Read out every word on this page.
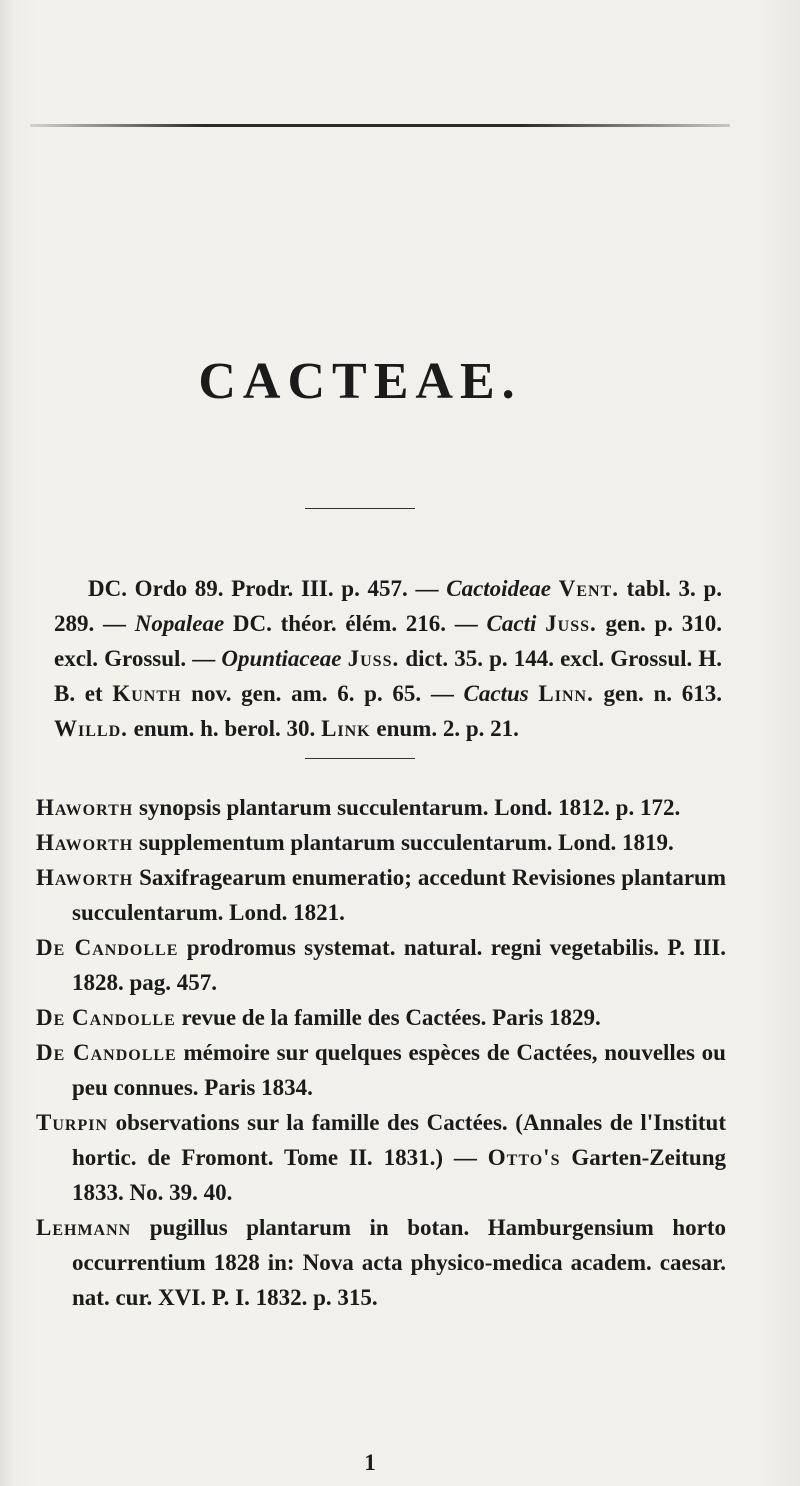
CACTEAE.

DC. Ordo 89. Prodr. III. p. 457. — Cactoideae Vent. tabl. 3. p. 289. — Nopaleae DC. théor. élém. 216. — Cacti Juss. gen. p. 310. excl. Grossul. — Opuntiaceae Juss. dict. 35. p. 144. excl. Grossul. H. B. et Kunth nov. gen. am. 6. p. 65. — Cactus Linn. gen. n. 613. Willd. enum. h. berol. 30. Link enum. 2. p. 21.

Haworth synopsis plantarum succulentarum. Lond. 1812. p. 172.

Haworth supplementum plantarum succulentarum. Lond. 1819.

Haworth Saxifragearum enumeratio; accedunt Revisiones plantarum succulentarum. Lond. 1821.

De Candolle prodromus systemat. natural. regni vegetabilis. P. III. 1828. pag. 457.

De Candolle revue de la famille des Cactées. Paris 1829.

De Candolle mémoire sur quelques espèces de Cactées, nouvelles ou peu connues. Paris 1834.

Turpin observations sur la famille des Cactées. (Annales de l'Institut hortic. de Fromont. Tome II. 1831.) — Otto's Garten-Zeitung 1833. No. 39. 40.

Lehmann pugillus plantarum in botan. Hamburgensium horto occurrentium 1828 in: Nova acta physico-medica academ. caesar. nat. cur. XVI. P. I. 1832. p. 315.

1
